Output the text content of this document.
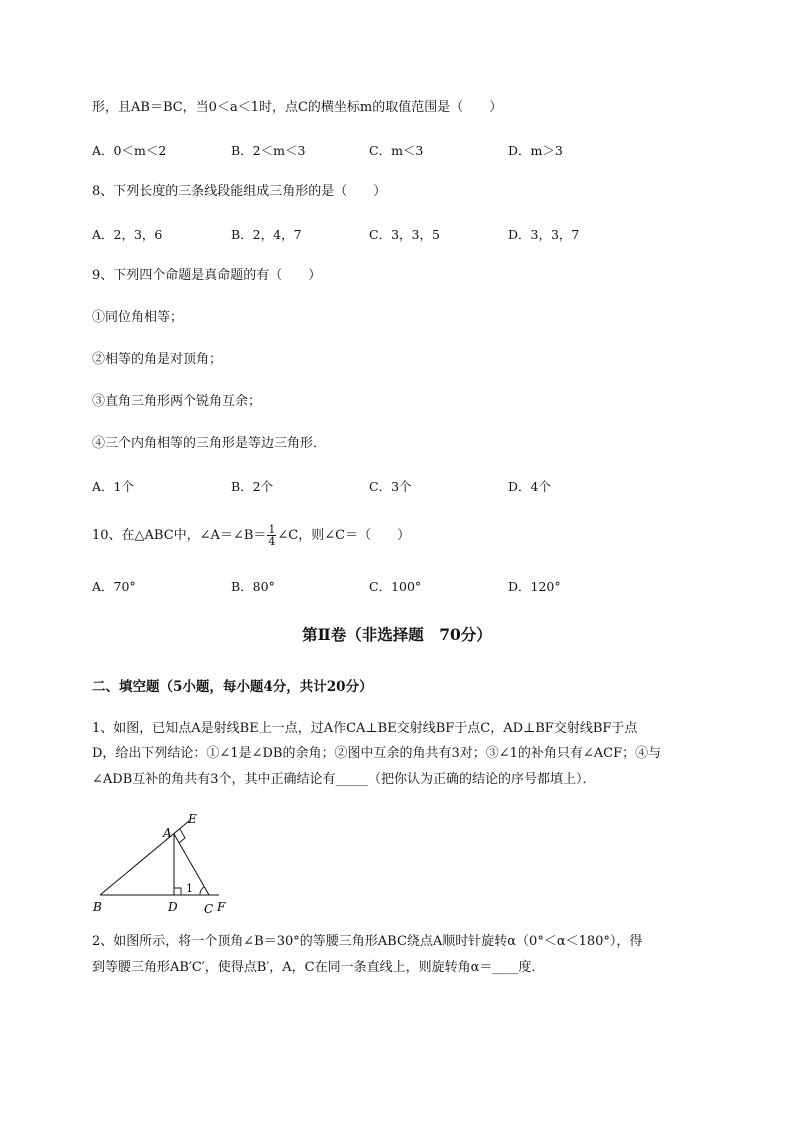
形，且AB＝BC，当0＜a＜1时，点C的横坐标m的取值范围是（　　）
A．0＜m＜2	B．2＜m＜3	C．m＜3	D．m＞3
8、下列长度的三条线段能组成三角形的是（　　）
A．2，3，6	B．2，4，7	C．3，3，5	D．3，3，7
9、下列四个命题是真命题的有（　　）
①同位角相等；
②相等的角是对顶角；
③直角三角形两个锐角互余；
④三个内角相等的三角形是等边三角形．
A．1个	B．2个	C．3个	D．4个
10、在△ABC中，∠A＝∠B＝ $\frac{1}{4}$ ∠C，则∠C＝（　　）
A．70°	B．80°	C．100°	D．120°
第Ⅱ卷（非选择题　70分）
二、填空题（5小题，每小题4分，共计20分）
1、如图，已知点A是射线BE上一点，过A作CA⊥BE交射线BF于点C，AD⊥BF交射线BF于点
D，给出下列结论：①∠1是∠DB的余角；②图中互余的角共有3对；③∠1的补角只有∠ACF；④与
∠ADB互补的角共有3个，其中正确结论有_____（把你认为正确的结论的序号都填上）．
E
A
B	D C F
1
2、如图所示，将一个顶角∠B＝30°的等腰三角形ABC绕点A顺时针旋转α（0°＜α＜180°），得
到等腰三角形AB′C′，使得点B′，A，C在同一条直线上，则旋转角α＝____度．
